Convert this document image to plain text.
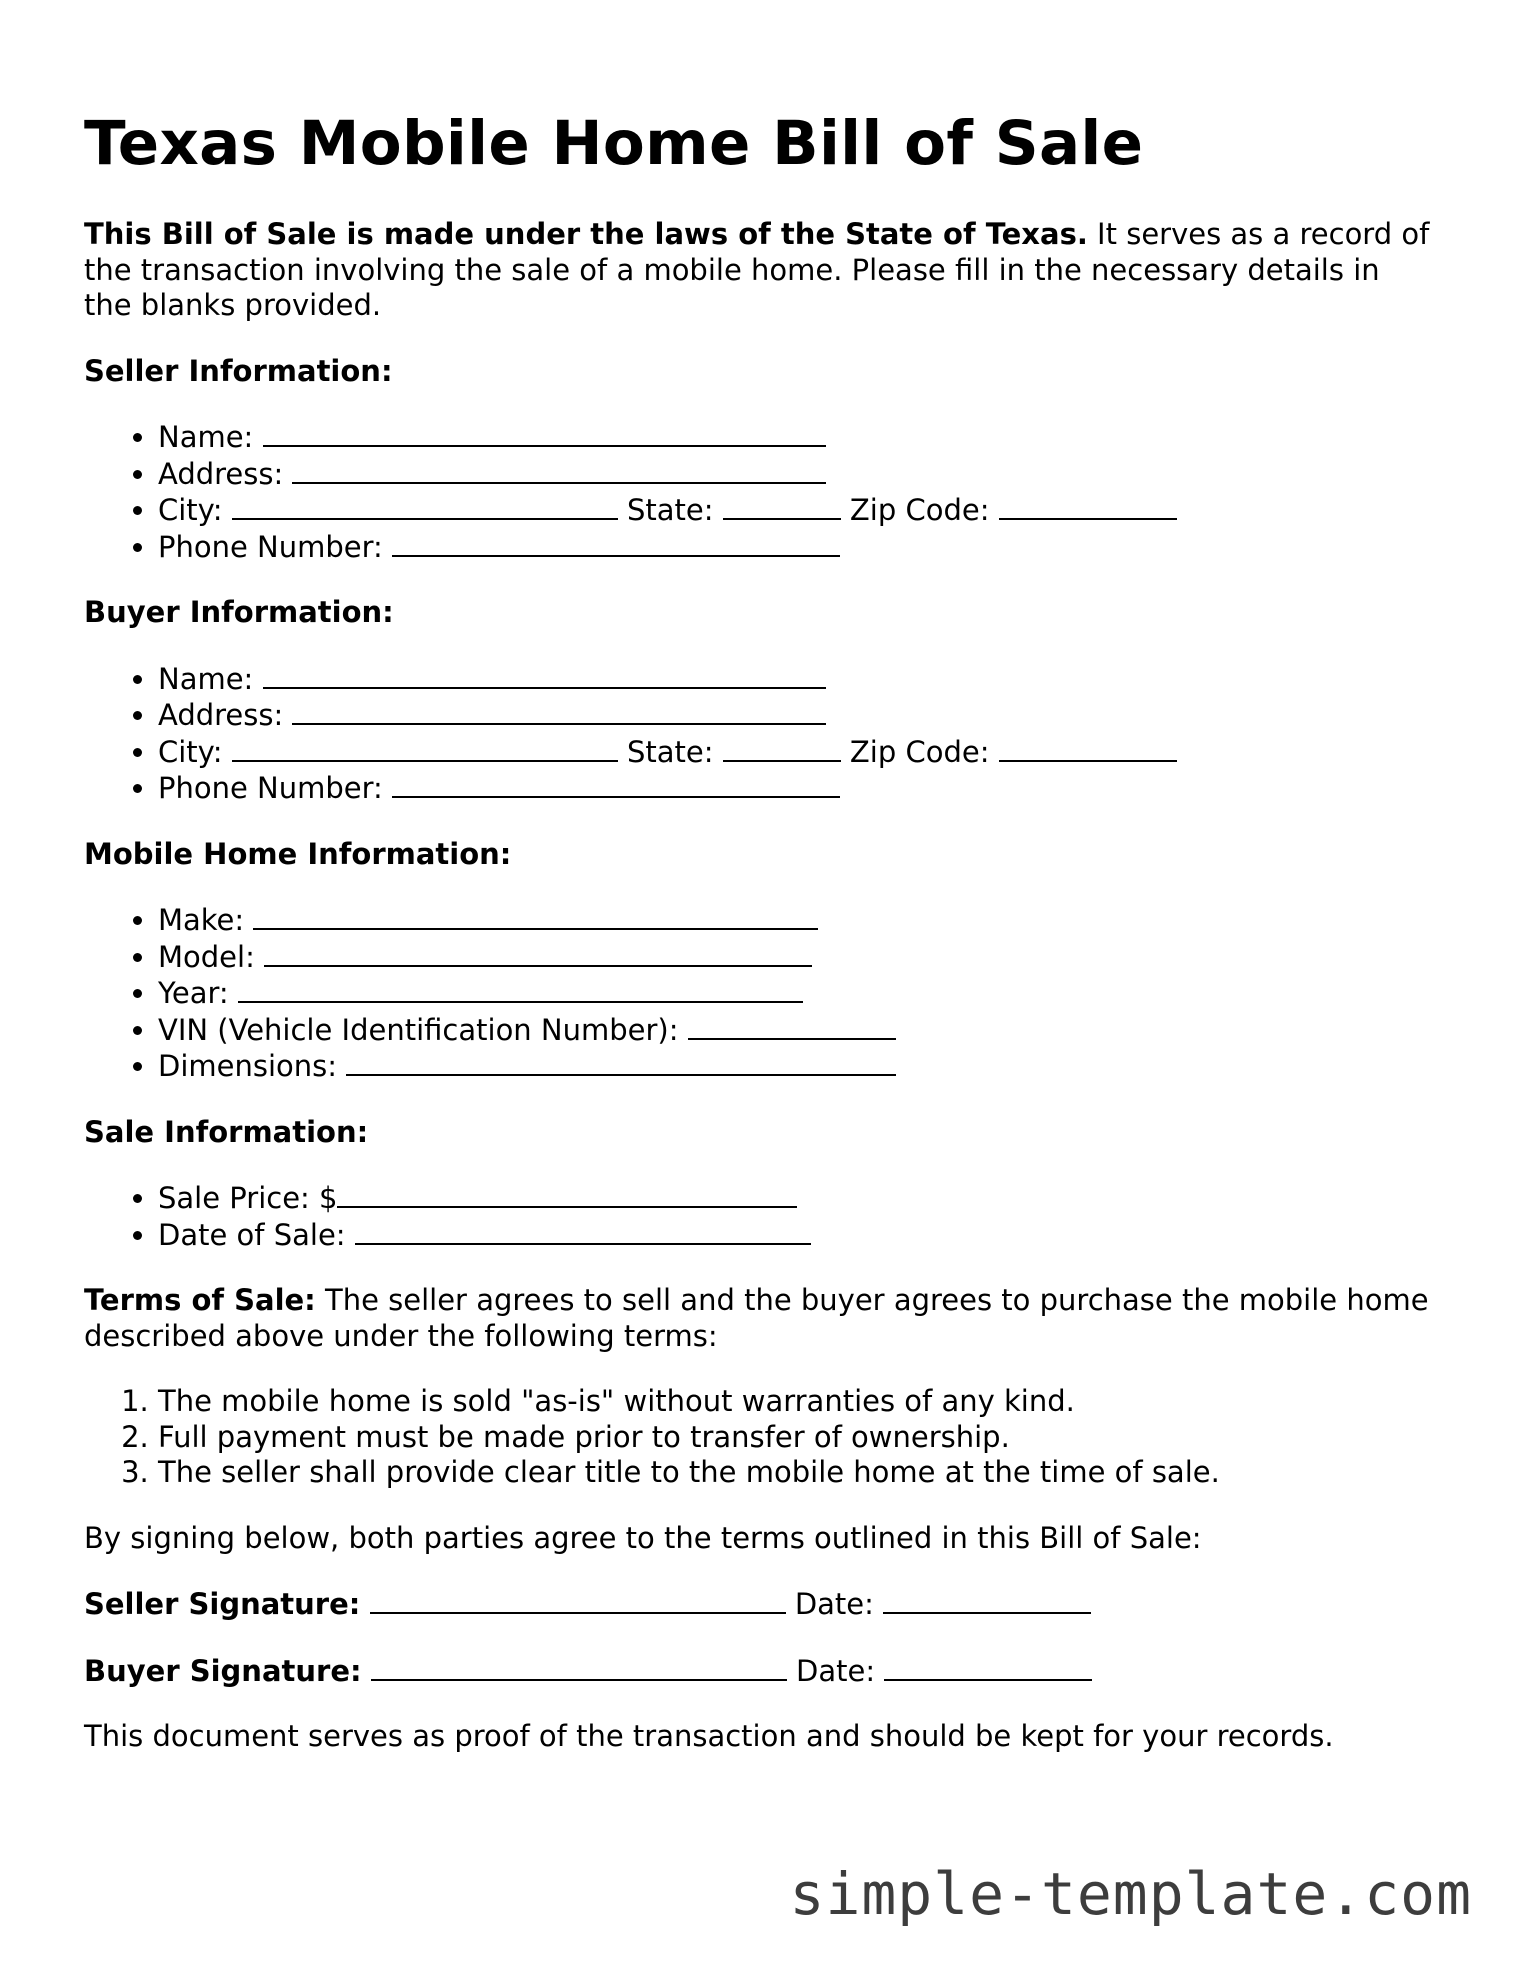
Texas Mobile Home Bill of Sale

This Bill of Sale is made under the laws of the State of Texas. It serves as a record of the transaction involving the sale of a mobile home. Please fill in the necessary details in the blanks provided.

Seller Information:
• Name:
• Address:
• City:	State:	Zip Code:
• Phone Number:
Buyer Information:
• Name:
• Address:
• City:	State:	Zip Code:
• Phone Number:
Mobile Home Information:
• Make:
• Model:
• Year:
• VIN (Vehicle Identification Number):
• Dimensions:
Sale Information:
• Sale Price: $
• Date of Sale:

Terms of Sale: The seller agrees to sell and the buyer agrees to purchase the mobile home described above under the following terms:

1. The mobile home is sold "as-is" without warranties of any kind.
2. Full payment must be made prior to transfer of ownership.
3. The seller shall provide clear title to the mobile home at the time of sale.

By signing below, both parties agree to the terms outlined in this Bill of Sale:

Seller Signature:	Date:

Buyer Signature:	Date:

This document serves as proof of the transaction and should be kept for your records.

simple-template.com
